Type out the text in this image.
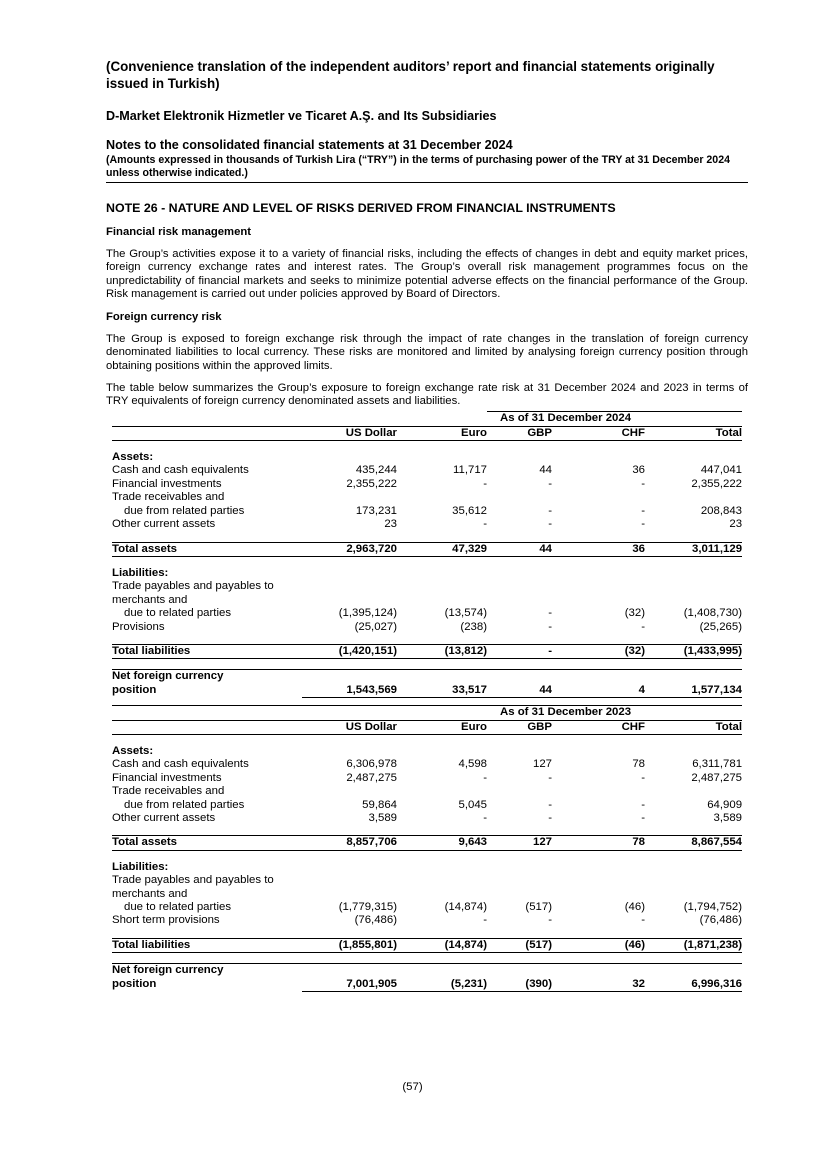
(Convenience translation of the independent auditors’ report and financial statements originally issued in Turkish)
D-Market Elektronik Hizmetler ve Ticaret A.Ş. and Its Subsidiaries
Notes to the consolidated financial statements at 31 December 2024
(Amounts expressed in thousands of Turkish Lira (“TRY”) in the terms of purchasing power of the TRY at 31 December 2024 unless otherwise indicated.)
NOTE 26 - NATURE AND LEVEL OF RISKS DERIVED FROM FINANCIAL INSTRUMENTS
Financial risk management
The Group’s activities expose it to a variety of financial risks, including the effects of changes in debt and equity market prices, foreign currency exchange rates and interest rates. The Group’s overall risk management programmes focus on the unpredictability of financial markets and seeks to minimize potential adverse effects on the financial performance of the Group. Risk management is carried out under policies approved by Board of Directors.
Foreign currency risk
The Group is exposed to foreign exchange risk through the impact of rate changes in the translation of foreign currency denominated liabilities to local currency. These risks are monitored and limited by analysing foreign currency position through obtaining positions within the approved limits.
The table below summarizes the Group’s exposure to foreign exchange rate risk at 31 December 2024 and 2023 in terms of TRY equivalents of foreign currency denominated assets and liabilities.
			As of 31 December 2024		
	US Dollar	Euro	GBP	CHF	Total

Assets:					
Cash and cash equivalents	435,244	11,717	44	36	447,041
Financial investments	2,355,222	-	-	-	2,355,222
Trade receivables and					
due from related parties	173,231	35,612	-	-	208,843
Other current assets	23	-	-	-	23

Total assets	2,963,720	47,329	44	36	3,011,129

Liabilities:					
Trade payables and payables to					
merchants and					
due to related parties	(1,395,124)	(13,574)	-	(32)	(1,408,730)
Provisions	(25,027)	(238)	-	-	(25,265)

Total liabilities	(1,420,151)	(13,812)	-	(32)	(1,433,995)

Net foreign currency					
position	1,543,569	33,517	44	4	1,577,134

			As of 31 December 2023		
	US Dollar	Euro	GBP	CHF	Total

Assets:					
Cash and cash equivalents	6,306,978	4,598	127	78	6,311,781
Financial investments	2,487,275	-	-	-	2,487,275
Trade receivables and					
due from related parties	59,864	5,045	-	-	64,909
Other current assets	3,589	-	-	-	3,589

Total assets	8,857,706	9,643	127	78	8,867,554

Liabilities:					
Trade payables and payables to					
merchants and					
due to related parties	(1,779,315)	(14,874)	(517)	(46)	(1,794,752)
Short term provisions	(76,486)	-	-	-	(76,486)

Total liabilities	(1,855,801)	(14,874)	(517)	(46)	(1,871,238)

Net foreign currency					
position	7,001,905	(5,231)	(390)	32	6,996,316
(57)
